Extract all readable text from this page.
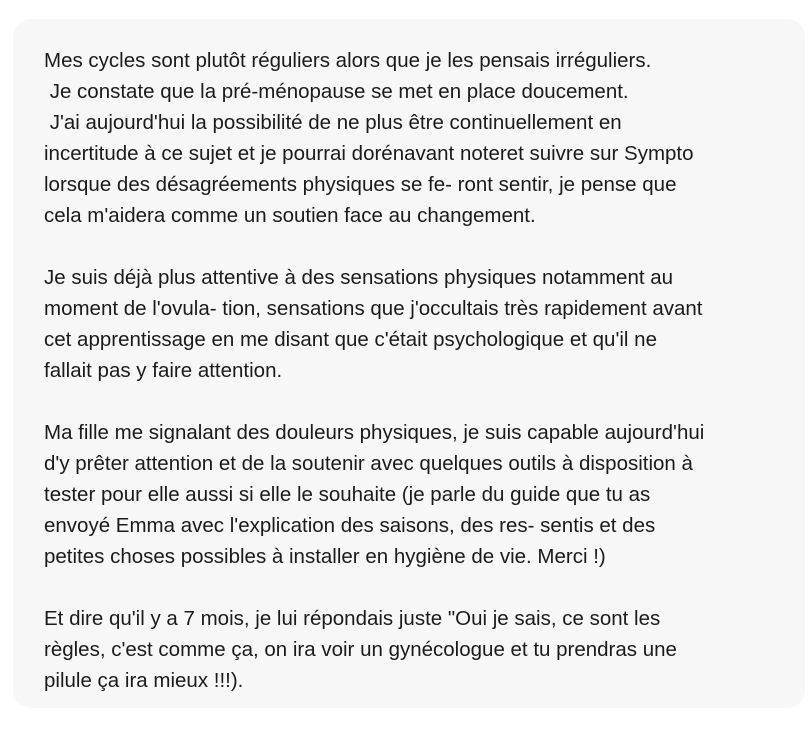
Mes cycles sont plutôt réguliers alors que je les pensais irréguliers.
Je constate que la pré-ménopause se met en place doucement.
J'ai aujourd'hui la possibilité de ne plus être continuellement en
incertitude à ce sujet et je pourrai dorénavant noteret suivre sur Sympto
lorsque des désagréements physiques se fe- ront sentir, je pense que
cela m'aidera comme un soutien face au changement.

Je suis déjà plus attentive à des sensations physiques notamment au
moment de l'ovula- tion, sensations que j'occultais très rapidement avant
cet apprentissage en me disant que c'était psychologique et qu'il ne
fallait pas y faire attention.

Ma fille me signalant des douleurs physiques, je suis capable aujourd'hui
d'y prêter attention et de la soutenir avec quelques outils à disposition à
tester pour elle aussi si elle le souhaite (je parle du guide que tu as
envoyé Emma avec l'explication des saisons, des res- sentis et des
petites choses possibles à installer en hygiène de vie. Merci !)

Et dire qu'il y a 7 mois, je lui répondais juste "Oui je sais, ce sont les
règles, c'est comme ça, on ira voir un gynécologue et tu prendras une
pilule ça ira mieux !!!).
